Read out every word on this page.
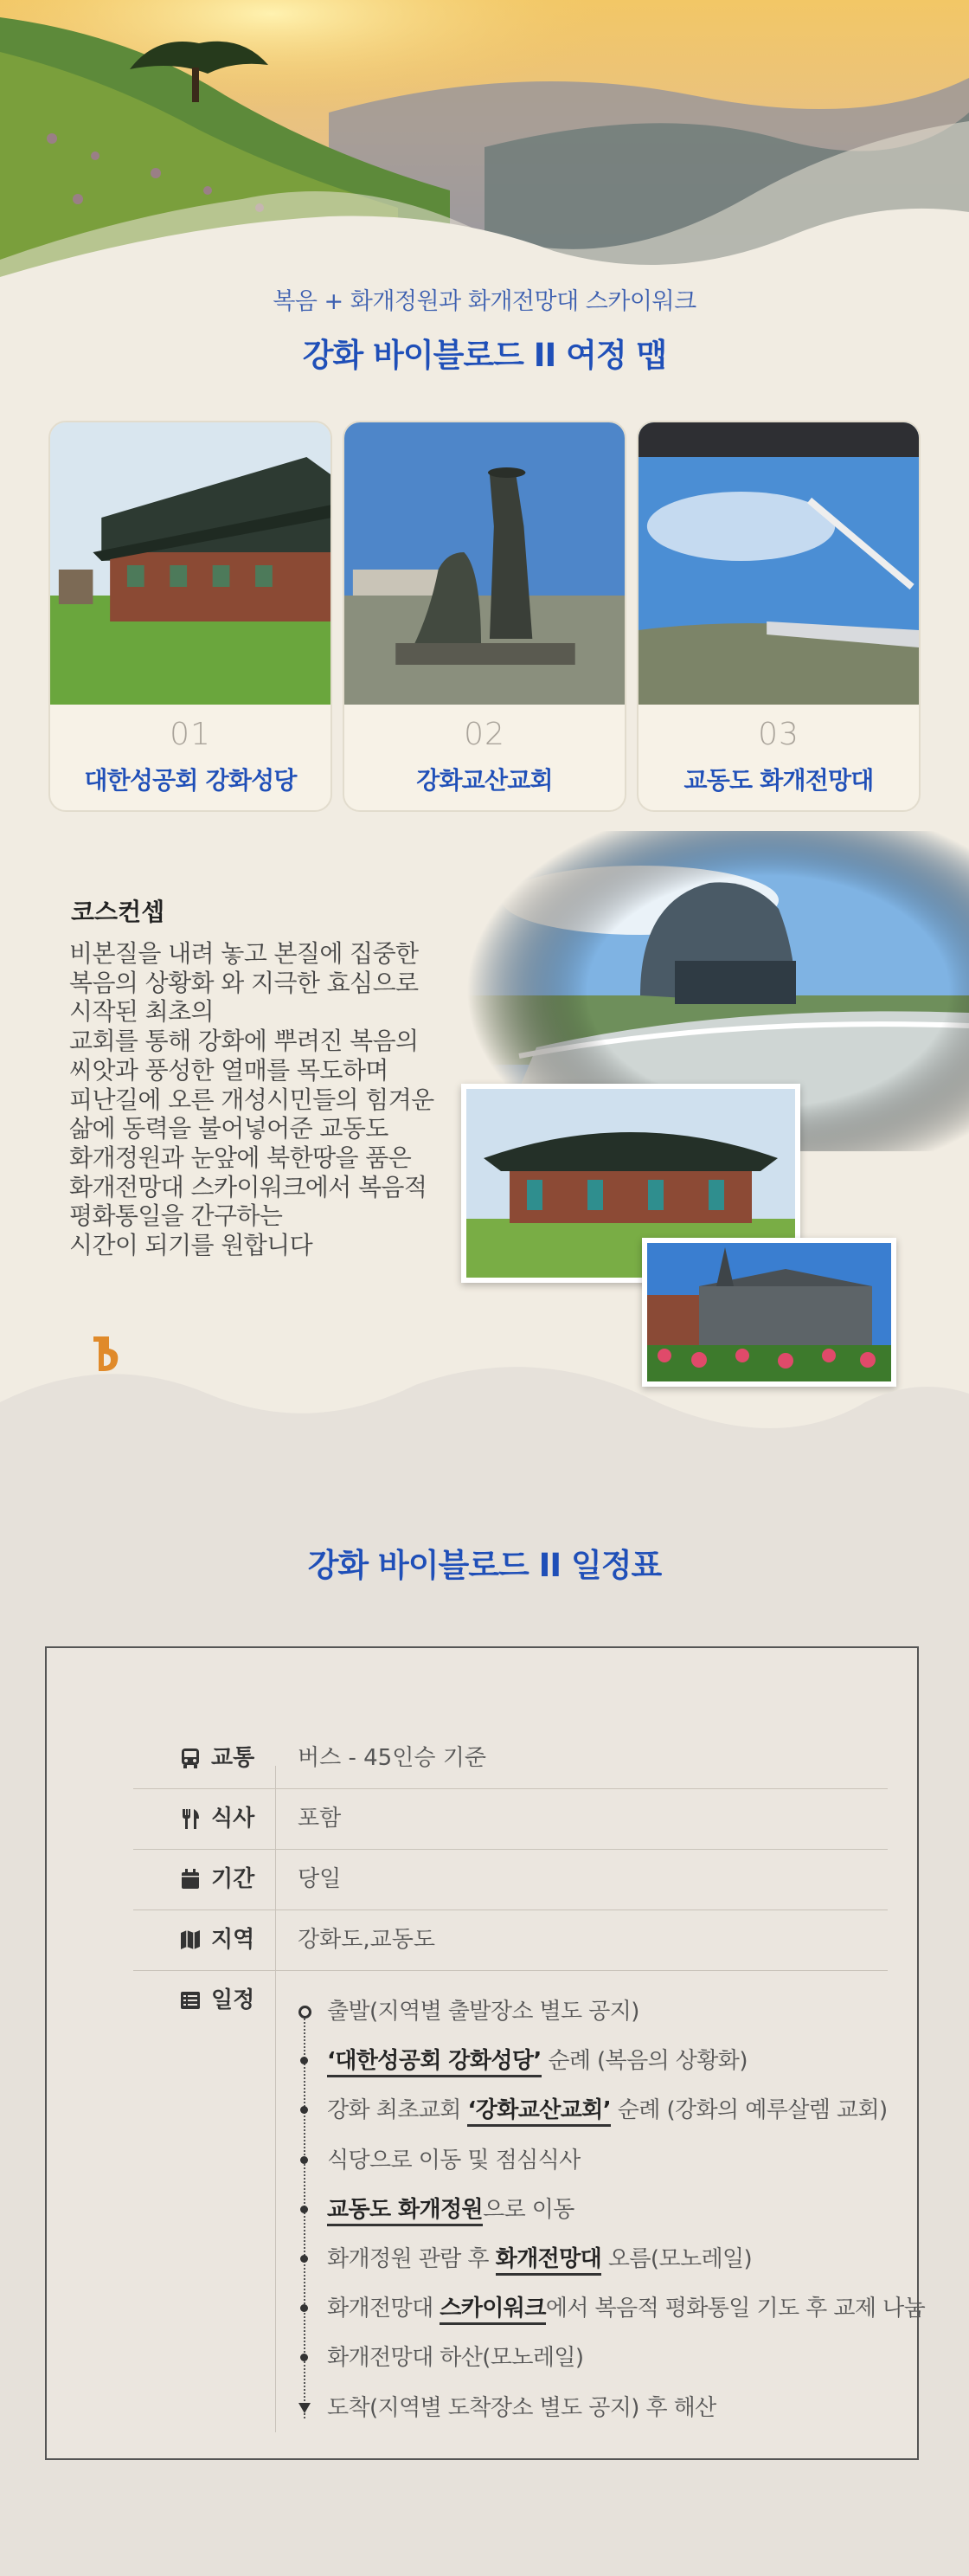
복음 + 화개정원과 화개전망대 스카이워크
강화 바이블로드 II 여정 맵
01
대한성공회 강화성당
02
강화교산교회
03
교동도 화개전망대
코스컨셉
비본질을 내려 놓고 본질에 집중한
복음의 상황화 와 지극한 효심으로
시작된 최초의
교회를 통해 강화에 뿌려진 복음의
씨앗과 풍성한 열매를 목도하며
피난길에 오른 개성시민들의 힘겨운
삶에 동력을 불어넣어준 교동도
화개정원과 눈앞에 북한땅을 품은
화개전망대 스카이워크에서 복음적
평화통일을 간구하는
시간이 되기를 원합니다
강화 바이블로드 II 일정표
교통 버스 - 45인승 기준
식사 포함
기간 당일
지역 강화도,교동도
일정	출발(지역별 출발장소 별도 공지)
‘대한성공회 강화성당’ 순례 (복음의 상황화)
강화 최초교회 ‘강화교산교회’ 순례 (강화의 예루살렘 교회)
식당으로 이동 및 점심식사
교동도 화개정원으로 이동
화개정원 관람 후 화개전망대 오름(모노레일)
화개전망대 스카이워크에서 복음적 평화통일 기도 후 교제 나눔
화개전망대 하산(모노레일)
도착(지역별 도착장소 별도 공지) 후 해산
